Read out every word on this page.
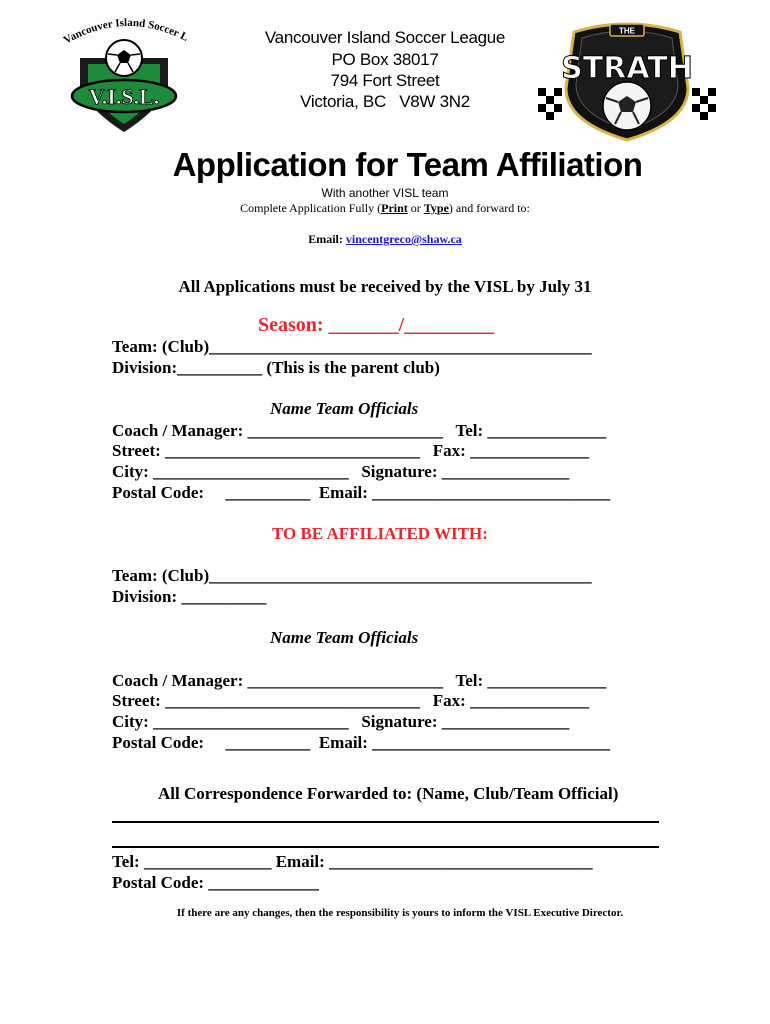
Vancouver Island Soccer L
V.I.S.L.
THE
STRATH
Vancouver Island Soccer League
PO Box 38017
794 Fort Street
Victoria, BC   V8W 3N2
Application for Team Affiliation
With another VISL team
Complete Application Fully (Print or Type) and forward to:
Email: vincentgreco@shaw.ca
All Applications must be received by the VISL by July 31
Season: _______/_________
Team: (Club)_____________________________________________
Division:__________ (This is the parent club)
Name Team Officials
Coach / Manager: _______________________   Tel: ______________
Street: ______________________________   Fax: ______________
City: _______________________   Signature: _______________
Postal Code:     __________  Email: ____________________________
TO BE AFFILIATED WITH:
Team: (Club)_____________________________________________
Division: __________
Name Team Officials
Coach / Manager: _______________________   Tel: ______________
Street: ______________________________   Fax: ______________
City: _______________________   Signature: _______________
Postal Code:     __________  Email: ____________________________
All Correspondence Forwarded to: (Name, Club/Team Official)
Tel: _______________ Email: _______________________________
Postal Code: _____________
If there are any changes, then the responsibility is yours to inform the VISL Executive Director.
